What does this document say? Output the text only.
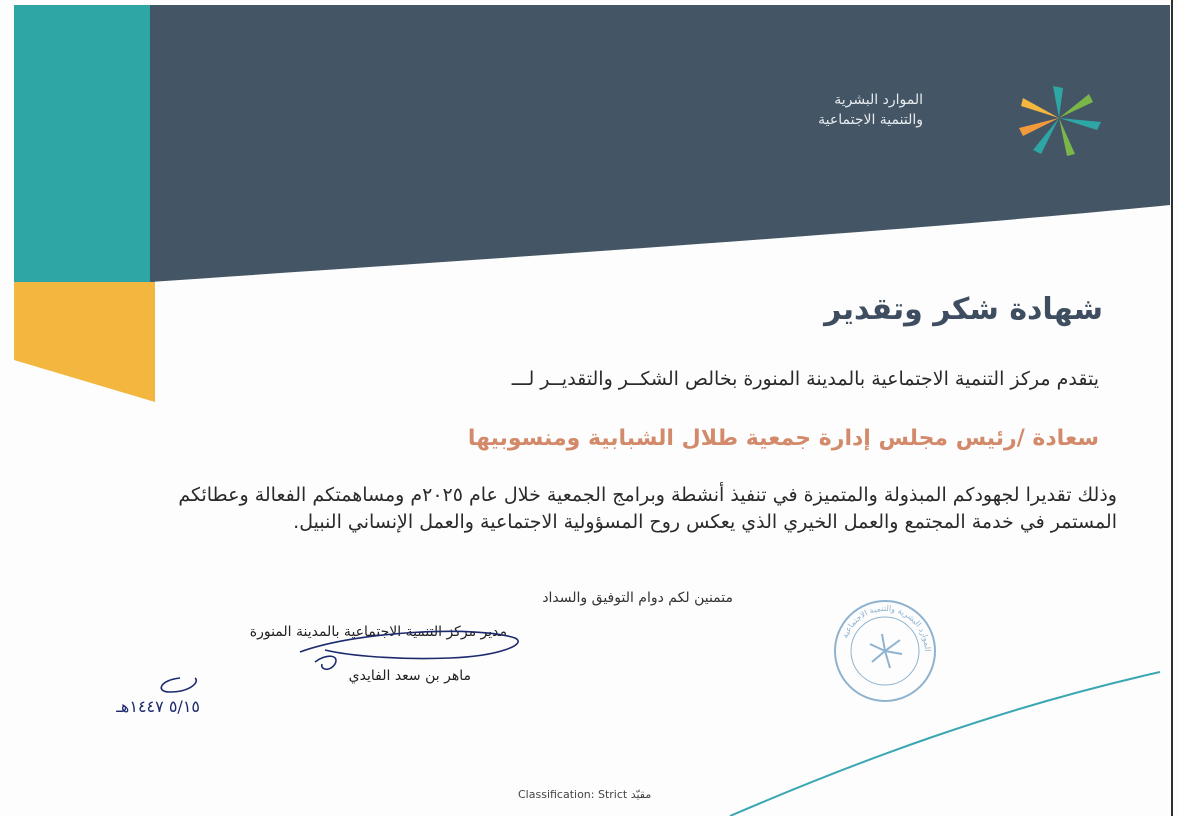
الموارد البشرية
والتنمية الاجتماعية
شهادة شكر وتقدير
يتقدم مركز التنمية الاجتماعية بالمدينة المنورة بخالص الشكــر والتقديــر لـــ
سعادة /رئيس مجلس إدارة جمعية طلال الشبابية ومنسوبيها
وذلك تقديرا لجهودكم المبذولة والمتميزة في تنفيذ أنشطة وبرامج الجمعية خلال عام ٢٠٢٥م ومساهمتكم الفعالة وعطائكم المستمر في خدمة المجتمع والعمل الخيري الذي يعكس روح المسؤولية الاجتماعية والعمل الإنساني النبيل.
متمنين لكم دوام التوفيق والسداد
مدير مركز التنمية الاجتماعية بالمدينة المنورة
ماهر بن سعد الفايدي
٥/١٥ ١٤٤٧هـ
الموارد البشرية والتنمية الاجتماعية
Classification: Strict مقيّد
